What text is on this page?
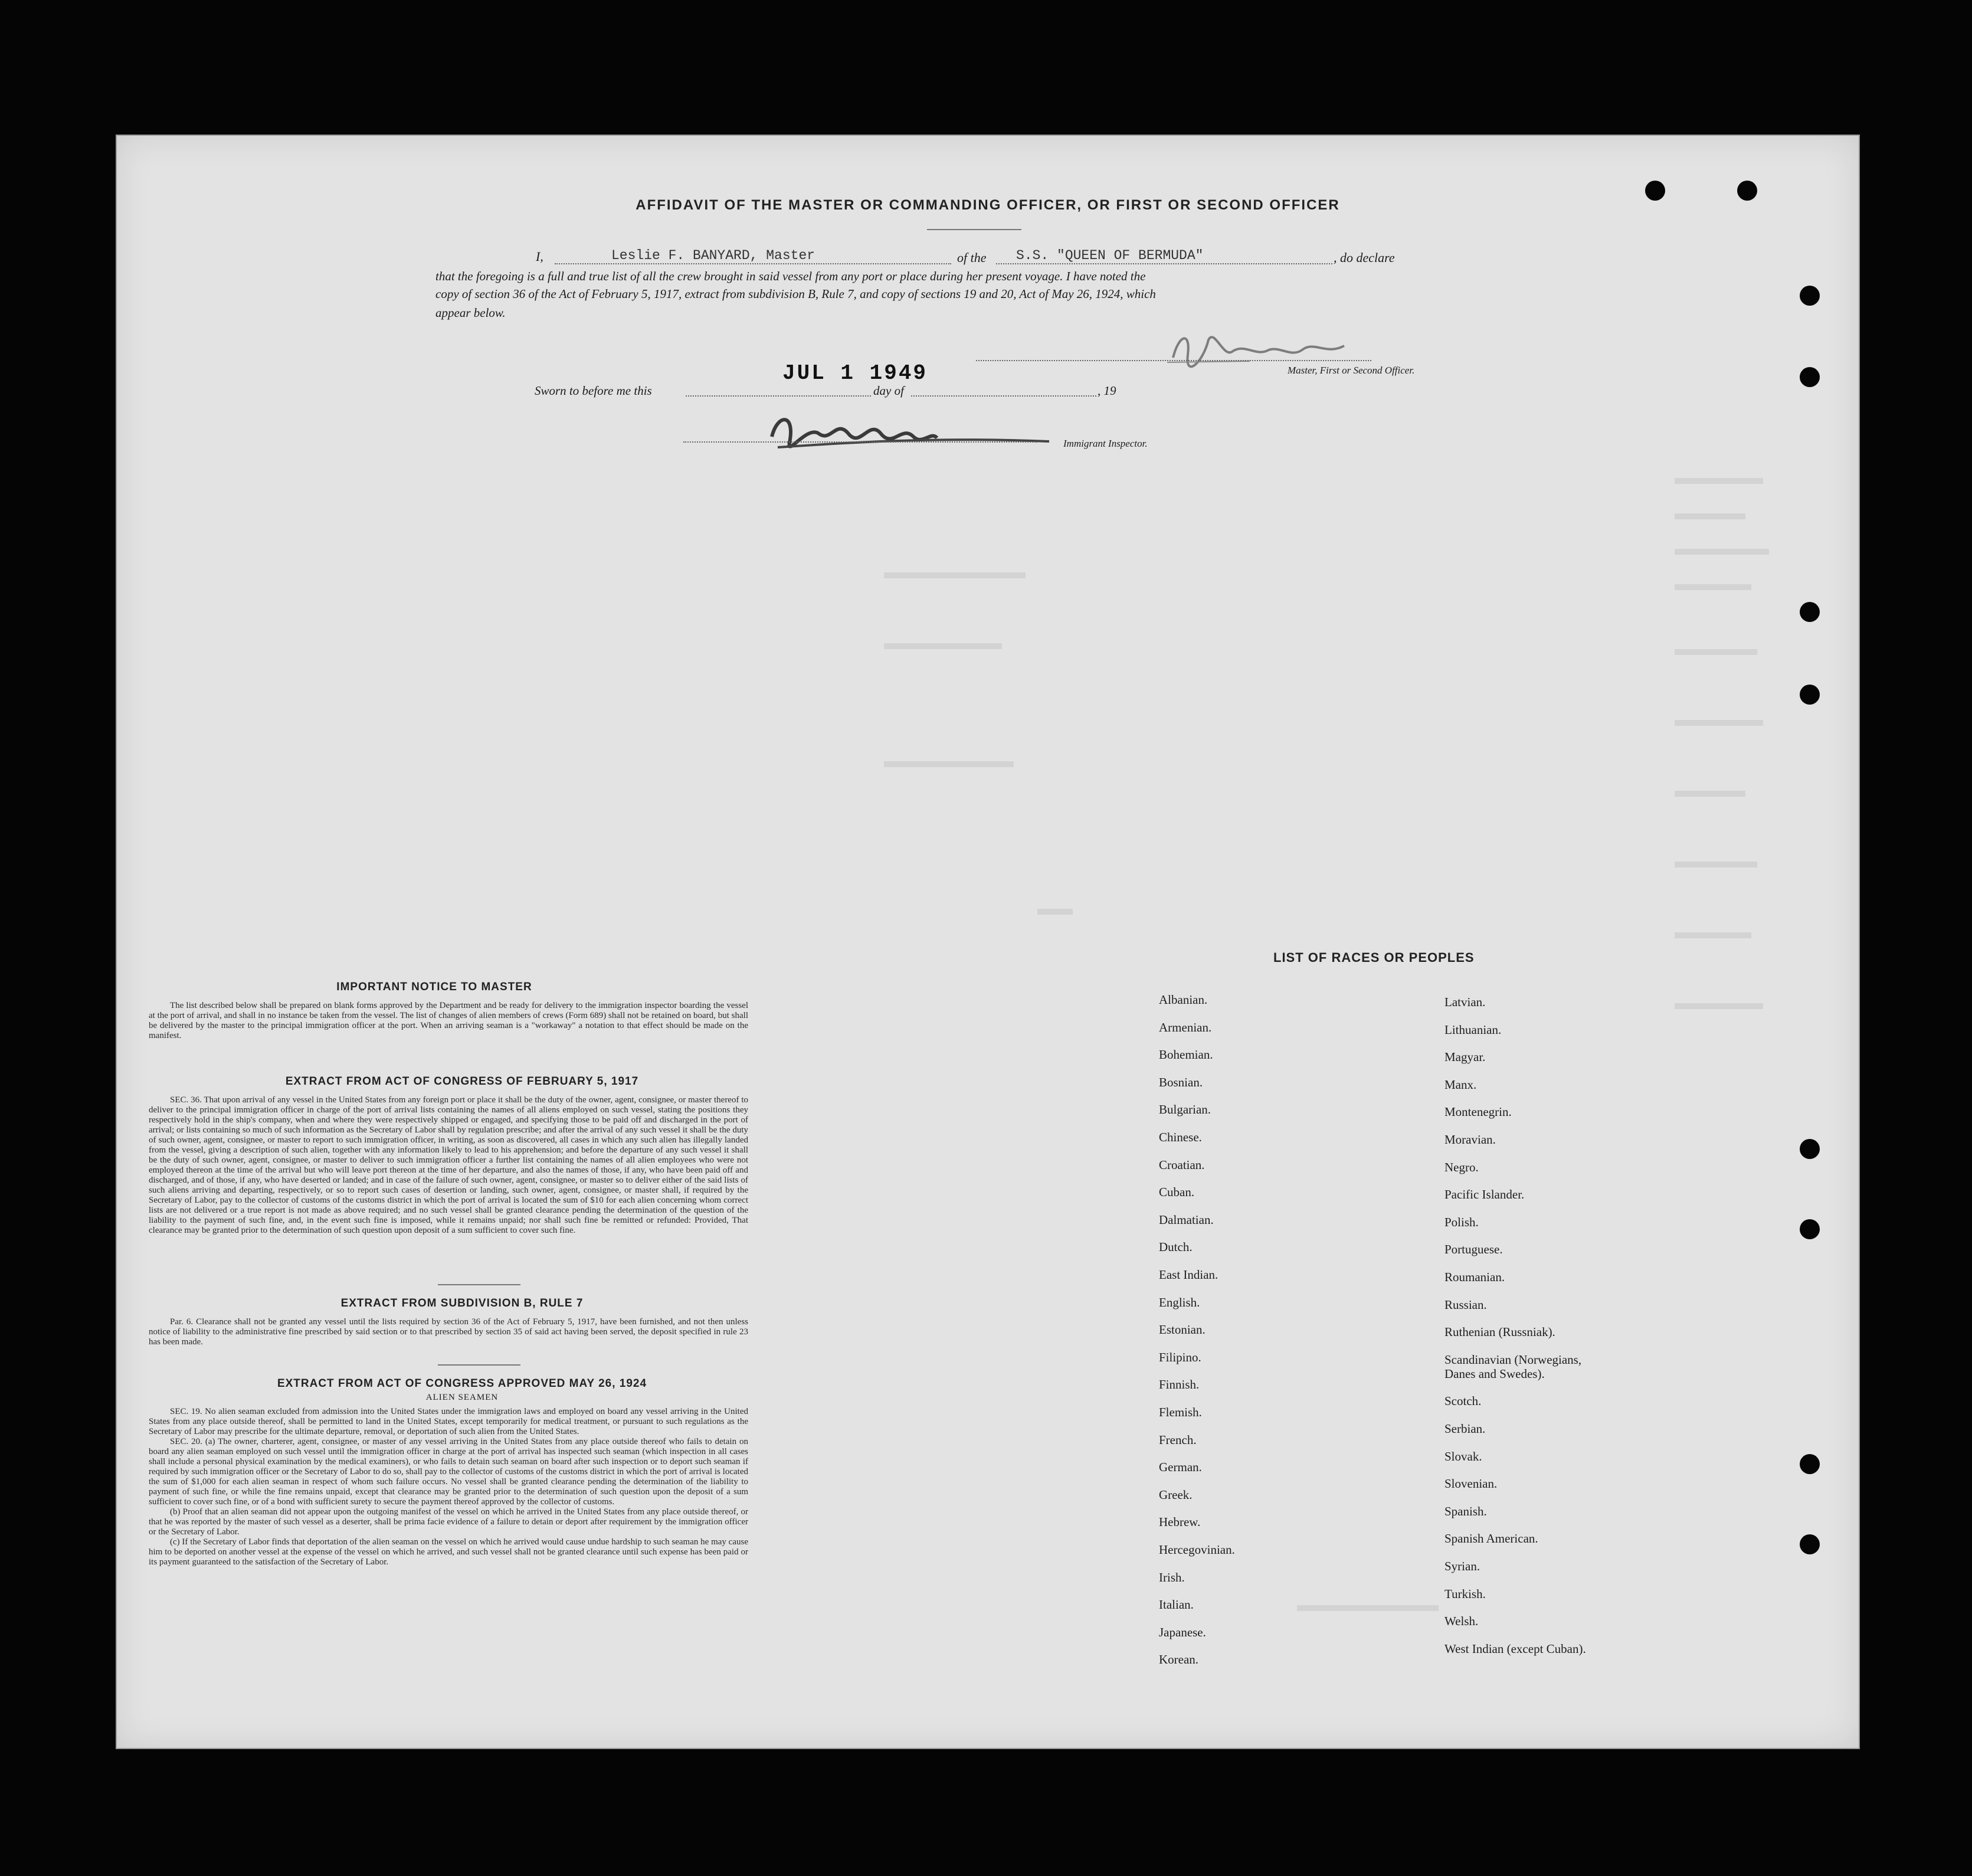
AFFIDAVIT OF THE MASTER OR COMMANDING OFFICER, OR FIRST OR SECOND OFFICER
I,	Leslie F. BANYARD, Master	of the S.S. "QUEEN OF BERMUDA"	, do declare
that the foregoing is a full and true list of all the crew brought in said vessel from any port or place during her present voyage. I have noted the
copy of section 36 of the Act of February 5, 1917, extract from subdivision B, Rule 7, and copy of sections 19 and 20, Act of May 26, 1924, which
appear below.
Master, First or Second Officer.
JUL 1 1949
Sworn to before me this	day of	, 19
Immigrant Inspector.
IMPORTANT NOTICE TO MASTER

The list described below shall be prepared on blank forms approved by the Department and be ready for delivery to the immigration inspector boarding the vessel at the port of arrival, and shall in no instance be taken from the vessel. The list of changes of alien members of crews (Form 689) shall not be retained on board, but shall be delivered by the master to the principal immigration officer at the port. When an arriving seaman is a "workaway" a notation to that effect should be made on the manifest.

EXTRACT FROM ACT OF CONGRESS OF FEBRUARY 5, 1917

SEC. 36. That upon arrival of any vessel in the United States from any foreign port or place it shall be the duty of the owner, agent, consignee, or master thereof to deliver to the principal immigration officer in charge of the port of arrival lists containing the names of all aliens employed on such vessel, stating the positions they respectively hold in the ship's company, when and where they were respectively shipped or engaged, and specifying those to be paid off and discharged in the port of arrival; or lists containing so much of such information as the Secretary of Labor shall by regulation prescribe; and after the arrival of any such vessel it shall be the duty of such owner, agent, consignee, or master to report to such immigration officer, in writing, as soon as discovered, all cases in which any such alien has illegally landed from the vessel, giving a description of such alien, together with any information likely to lead to his apprehension; and before the departure of any such vessel it shall be the duty of such owner, agent, consignee, or master to deliver to such immigration officer a further list containing the names of all alien employees who were not employed thereon at the time of the arrival but who will leave port thereon at the time of her departure, and also the names of those, if any, who have been paid off and discharged, and of those, if any, who have deserted or landed; and in case of the failure of such owner, agent, consignee, or master so to deliver either of the said lists of such aliens arriving and departing, respectively, or so to report such cases of desertion or landing, such owner, agent, consignee, or master shall, if required by the Secretary of Labor, pay to the collector of customs of the customs district in which the port of arrival is located the sum of $10 for each alien concerning whom correct lists are not delivered or a true report is not made as above required; and no such vessel shall be granted clearance pending the determination of the question of the liability to the payment of such fine, and, in the event such fine is imposed, while it remains unpaid; nor shall such fine be remitted or refunded: Provided, That clearance may be granted prior to the determination of such question upon deposit of a sum sufficient to cover such fine.

EXTRACT FROM SUBDIVISION B, RULE 7

Par. 6. Clearance shall not be granted any vessel until the lists required by section 36 of the Act of February 5, 1917, have been furnished, and not then unless notice of liability to the administrative fine prescribed by said section or to that prescribed by section 35 of said act having been served, the deposit specified in rule 23 has been made.

EXTRACT FROM ACT OF CONGRESS APPROVED MAY 26, 1924
ALIEN SEAMEN

SEC. 19. No alien seaman excluded from admission into the United States under the immigration laws and employed on board any vessel arriving in the United States from any place outside thereof, shall be permitted to land in the United States, except temporarily for medical treatment, or pursuant to such regulations as the Secretary of Labor may prescribe for the ultimate departure, removal, or deportation of such alien from the United States.

SEC. 20. (a) The owner, charterer, agent, consignee, or master of any vessel arriving in the United States from any place outside thereof who fails to detain on board any alien seaman employed on such vessel until the immigration officer in charge at the port of arrival has inspected such seaman (which inspection in all cases shall include a personal physical examination by the medical examiners), or who fails to detain such seaman on board after such inspection or to deport such seaman if required by such immigration officer or the Secretary of Labor to do so, shall pay to the collector of customs of the customs district in which the port of arrival is located the sum of $1,000 for each alien seaman in respect of whom such failure occurs. No vessel shall be granted clearance pending the determination of the liability to payment of such fine, or while the fine remains unpaid, except that clearance may be granted prior to the determination of such question upon the deposit of a sum sufficient to cover such fine, or of a bond with sufficient surety to secure the payment thereof approved by the collector of customs.

(b) Proof that an alien seaman did not appear upon the outgoing manifest of the vessel on which he arrived in the United States from any place outside thereof, or that he was reported by the master of such vessel as a deserter, shall be prima facie evidence of a failure to detain or deport after requirement by the immigration officer or the Secretary of Labor.

(c) If the Secretary of Labor finds that deportation of the alien seaman on the vessel on which he arrived would cause undue hardship to such seaman he may cause him to be deported on another vessel at the expense of the vessel on which he arrived, and such vessel shall not be granted clearance until such expense has been paid or its payment guaranteed to the satisfaction of the Secretary of Labor.

LIST OF RACES OR PEOPLES
Albanian.
Armenian.
Bohemian.
Bosnian.
Bulgarian.
Chinese.
Croatian.
Cuban.
Dalmatian.
Dutch.
East Indian.
English.
Estonian.
Filipino.
Finnish.
Flemish.
French.
German.
Greek.
Hebrew.
Hercegovinian.
Irish.
Italian.
Japanese.
Korean.
Latvian.
Lithuanian.
Magyar.
Manx.
Montenegrin.
Moravian.
Negro.
Pacific Islander.
Polish.
Portuguese.
Roumanian.
Russian.
Ruthenian (Russniak).
Scandinavian (Norwegians,
Danes and Swedes).
Scotch.
Serbian.
Slovak.
Slovenian.
Spanish.
Spanish American.
Syrian.
Turkish.
Welsh.
West Indian (except Cuban).
